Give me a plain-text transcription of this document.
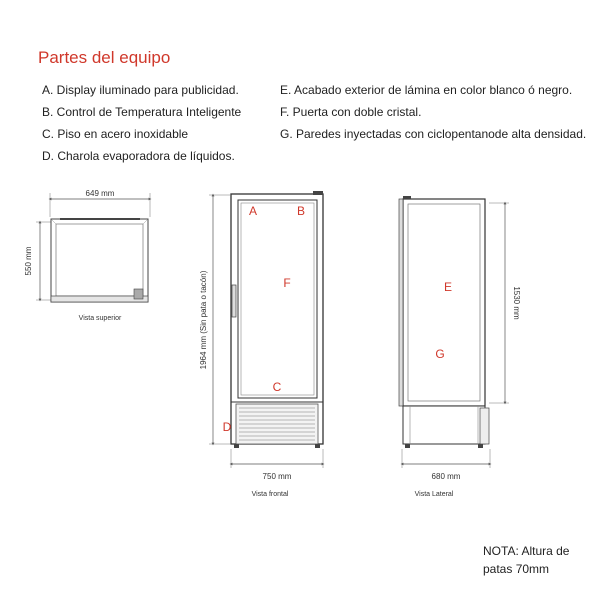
Partes del equipo
A. Display iluminado para publicidad.
B. Control de Temperatura Inteligente
C. Piso en acero inoxidable
D. Charola evaporadora de líquidos.
E. Acabado exterior de lámina en color blanco ó negro.
F. Puerta con doble cristal.
G. Paredes inyectadas con ciclopentanode alta densidad.
649 mm
550 mm
Vista superior	1964 mm (Sin pata o tacón)
750 mm
Vista frontal
A	B
F
C
D
1530 mm
680 mm
Vista Lateral
E
G
NOTA: Altura de
patas 70mm
